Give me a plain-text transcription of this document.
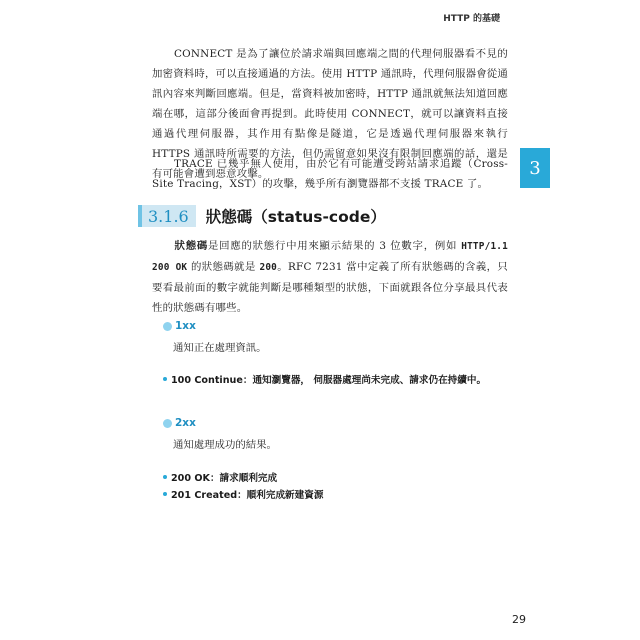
HTTP 的基礎
3

CONNECT 是為了讓位於請求端與回應端之間的代理伺服器看不見的加密資料時，可以直接通過的方法。使用 HTTP 通訊時，代理伺服器會從通訊內容來判斷回應端。但是，當資料被加密時，HTTP 通訊就無法知道回應端在哪，這部分後面會再提到。此時使用 CONNECT，就可以讓資料直接通過代理伺服器，其作用有點像是隧道，它是透過代理伺服器來執行 HTTPS 通訊時所需要的方法，但仍需留意如果沒有限制回應端的話，還是有可能會遭到惡意攻擊。

TRACE 已幾乎無人使用，由於它有可能遭受跨站請求追蹤（Cross-Site Tracing，XST）的攻擊，幾乎所有瀏覽器都不支援 TRACE 了。

3.1.6 狀態碼（status-code）

狀態碼是回應的狀態行中用來顯示結果的 3 位數字，例如 HTTP/1.1 200 OK 的狀態碼就是 200。RFC 7231 當中定義了所有狀態碼的含義，只要看最前面的數字就能判斷是哪種類型的狀態，下面就跟各位分享最具代表性的狀態碼有哪些。

1xx

通知正在處理資訊。

100 Continue：通知瀏覽器， 伺服器處理尚未完成、請求仍在持續中。
2xx

通知處理成功的結果。

200 OK：請求順利完成
201 Created：順利完成新建資源
29
